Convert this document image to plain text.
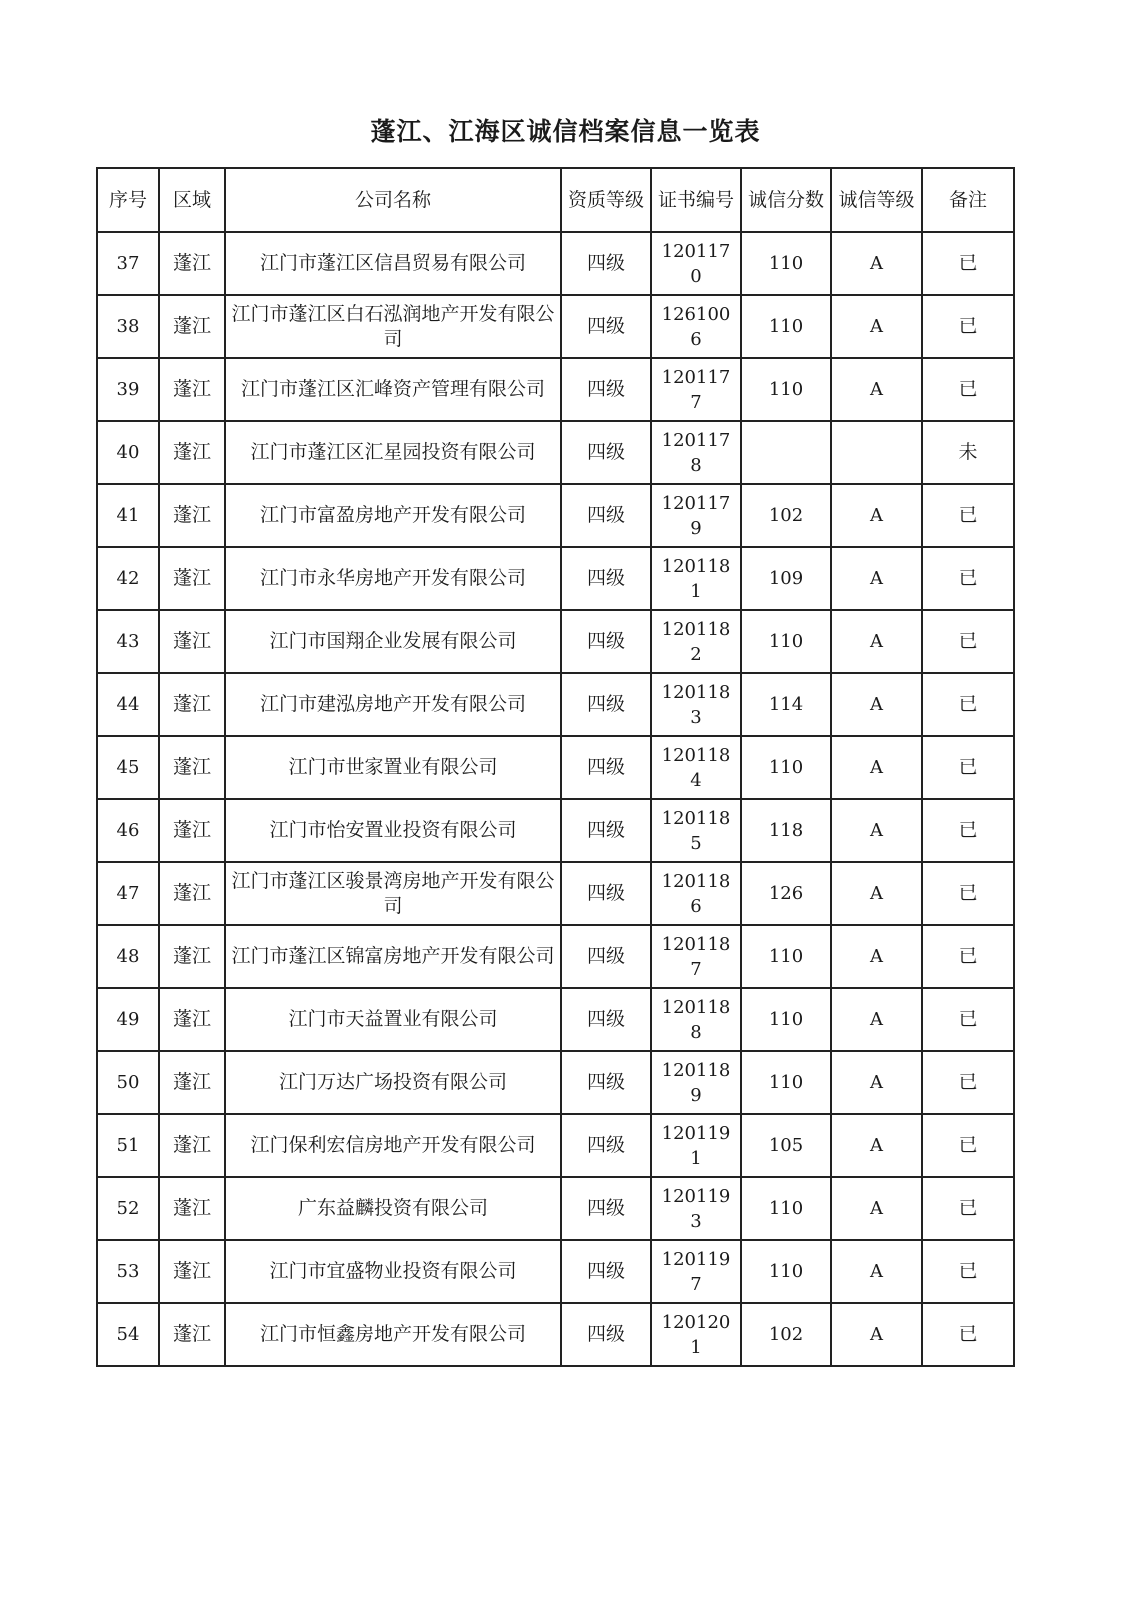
蓬江、江海区诚信档案信息一览表
序号	区域	公司名称	资质等级	证书编号	诚信分数	诚信等级	备注
37	蓬江	江门市蓬江区信昌贸易有限公司	四级	1201170	110	A	已
38	蓬江	江门市蓬江区白石泓润地产开发有限公司	四级	1261006	110	A	已
39	蓬江	江门市蓬江区汇峰资产管理有限公司	四级	1201177	110	A	已
40	蓬江	江门市蓬江区汇星园投资有限公司	四级	1201178			未
41	蓬江	江门市富盈房地产开发有限公司	四级	1201179	102	A	已
42	蓬江	江门市永华房地产开发有限公司	四级	1201181	109	A	已
43	蓬江	江门市国翔企业发展有限公司	四级	1201182	110	A	已
44	蓬江	江门市建泓房地产开发有限公司	四级	1201183	114	A	已
45	蓬江	江门市世家置业有限公司	四级	1201184	110	A	已
46	蓬江	江门市怡安置业投资有限公司	四级	1201185	118	A	已
47	蓬江	江门市蓬江区骏景湾房地产开发有限公司	四级	1201186	126	A	已
48	蓬江	江门市蓬江区锦富房地产开发有限公司	四级	1201187	110	A	已
49	蓬江	江门市天益置业有限公司	四级	1201188	110	A	已
50	蓬江	江门万达广场投资有限公司	四级	1201189	110	A	已
51	蓬江	江门保利宏信房地产开发有限公司	四级	1201191	105	A	已
52	蓬江	广东益麟投资有限公司	四级	1201193	110	A	已
53	蓬江	江门市宜盛物业投资有限公司	四级	1201197	110	A	已
54	蓬江	江门市恒鑫房地产开发有限公司	四级	1201201	102	A	已
